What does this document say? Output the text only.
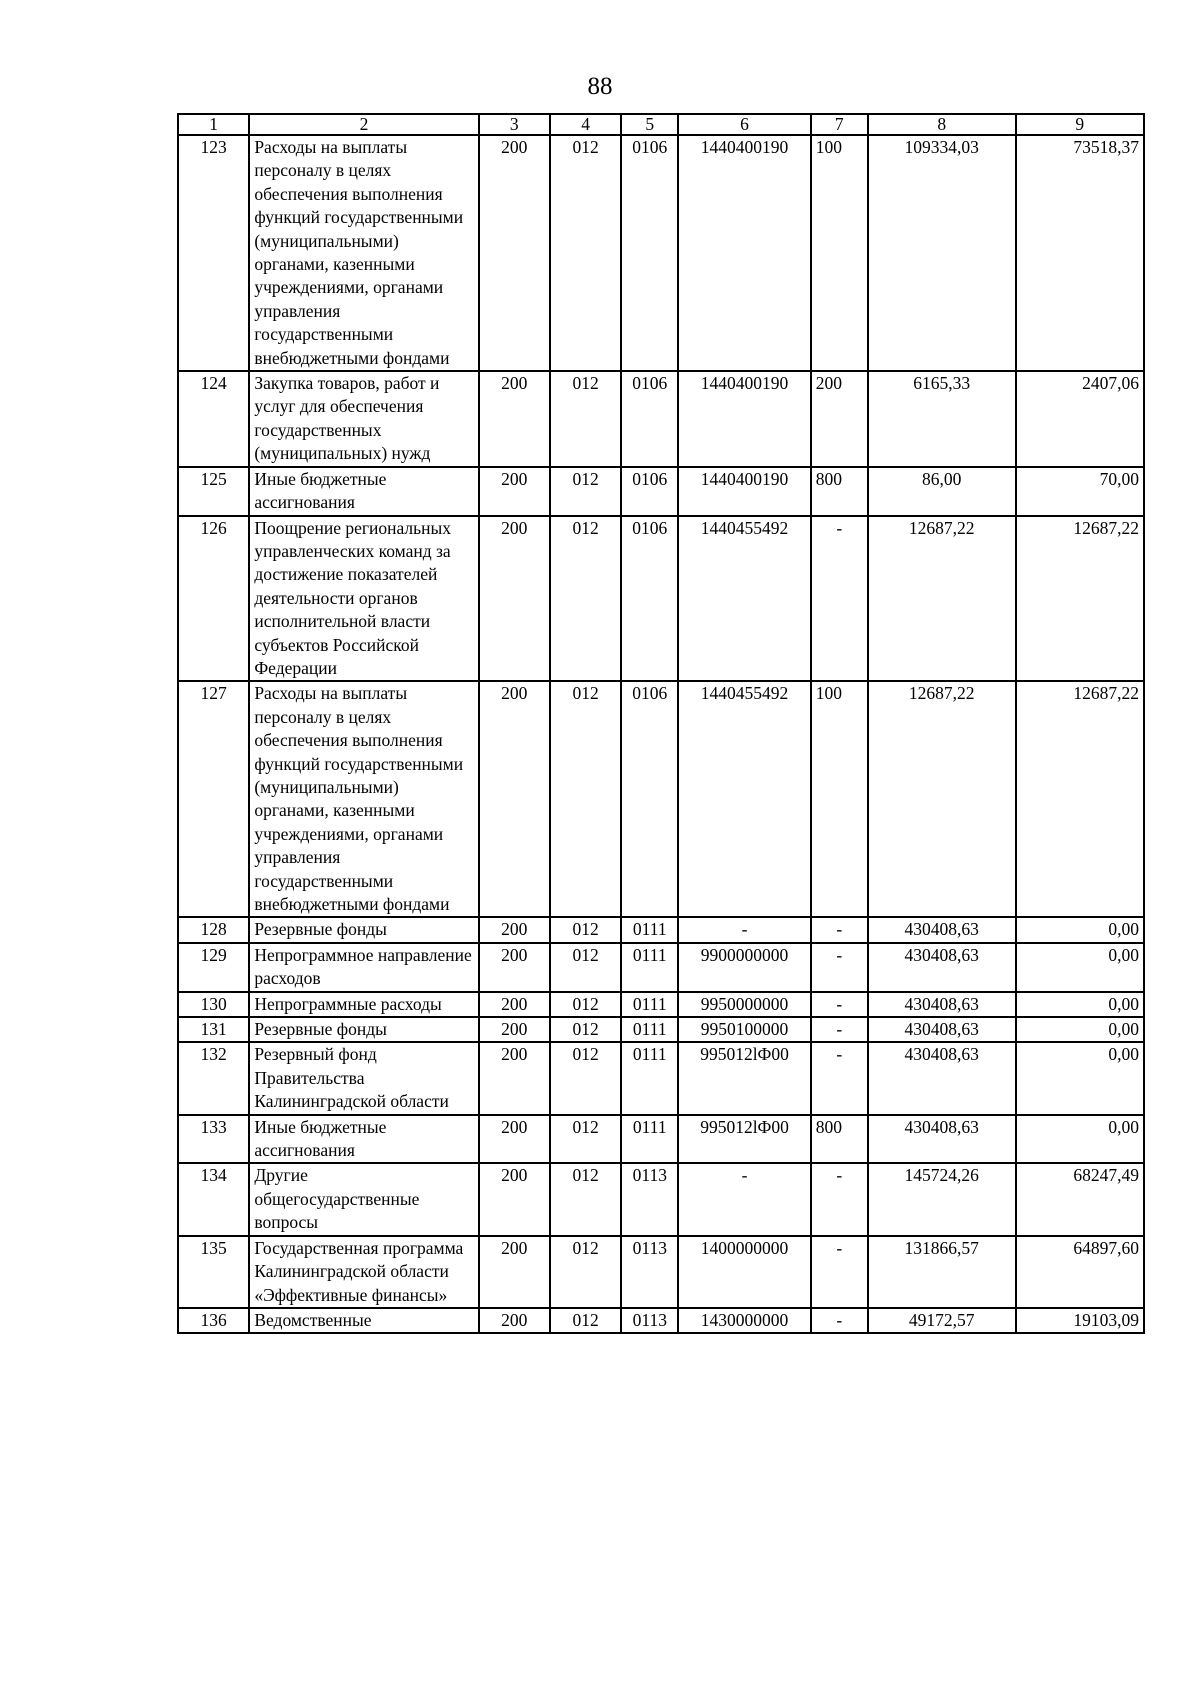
88
1	2	3	4	5	6	7	8	9
123	Расходы на выплаты персоналу в целях обеспечения выполнения функций государственными (муниципальными) органами, казенными учреждениями, органами управления государственными внебюджетными фондами	200	012	0106	1440400190	100	109334,03	73518,37
124	Закупка товаров, работ и услуг для обеспечения государственных (муниципальных) нужд	200	012	0106	1440400190	200	6165,33	2407,06
125	Иные бюджетные ассигнования	200	012	0106	1440400190	800	86,00	70,00
126	Поощрение региональных управленческих команд за достижение показателей деятельности органов исполнительной власти субъектов Российской Федерации	200	012	0106	1440455492	-	12687,22	12687,22
127	Расходы на выплаты персоналу в целях обеспечения выполнения функций государственными (муниципальными) органами, казенными учреждениями, органами управления государственными внебюджетными фондами	200	012	0106	1440455492	100	12687,22	12687,22
128	Резервные фонды	200	012	0111	-	-	430408,63	0,00
129	Непрограммное направление расходов	200	012	0111	9900000000	-	430408,63	0,00
130	Непрограммные расходы	200	012	0111	9950000000	-	430408,63	0,00
131	Резервные фонды	200	012	0111	9950100000	-	430408,63	0,00
132	Резервный фонд Правительства Калининградской области	200	012	0111	995012lФ00	-	430408,63	0,00
133	Иные бюджетные ассигнования	200	012	0111	995012lФ00	800	430408,63	0,00
134	Другие общегосударственные вопросы	200	012	0113	-	-	145724,26	68247,49
135	Государственная программа Калининградской области «Эффективные финансы»	200	012	0113	1400000000	-	131866,57	64897,60
136	Ведомственные	200	012	0113	1430000000	-	49172,57	19103,09
